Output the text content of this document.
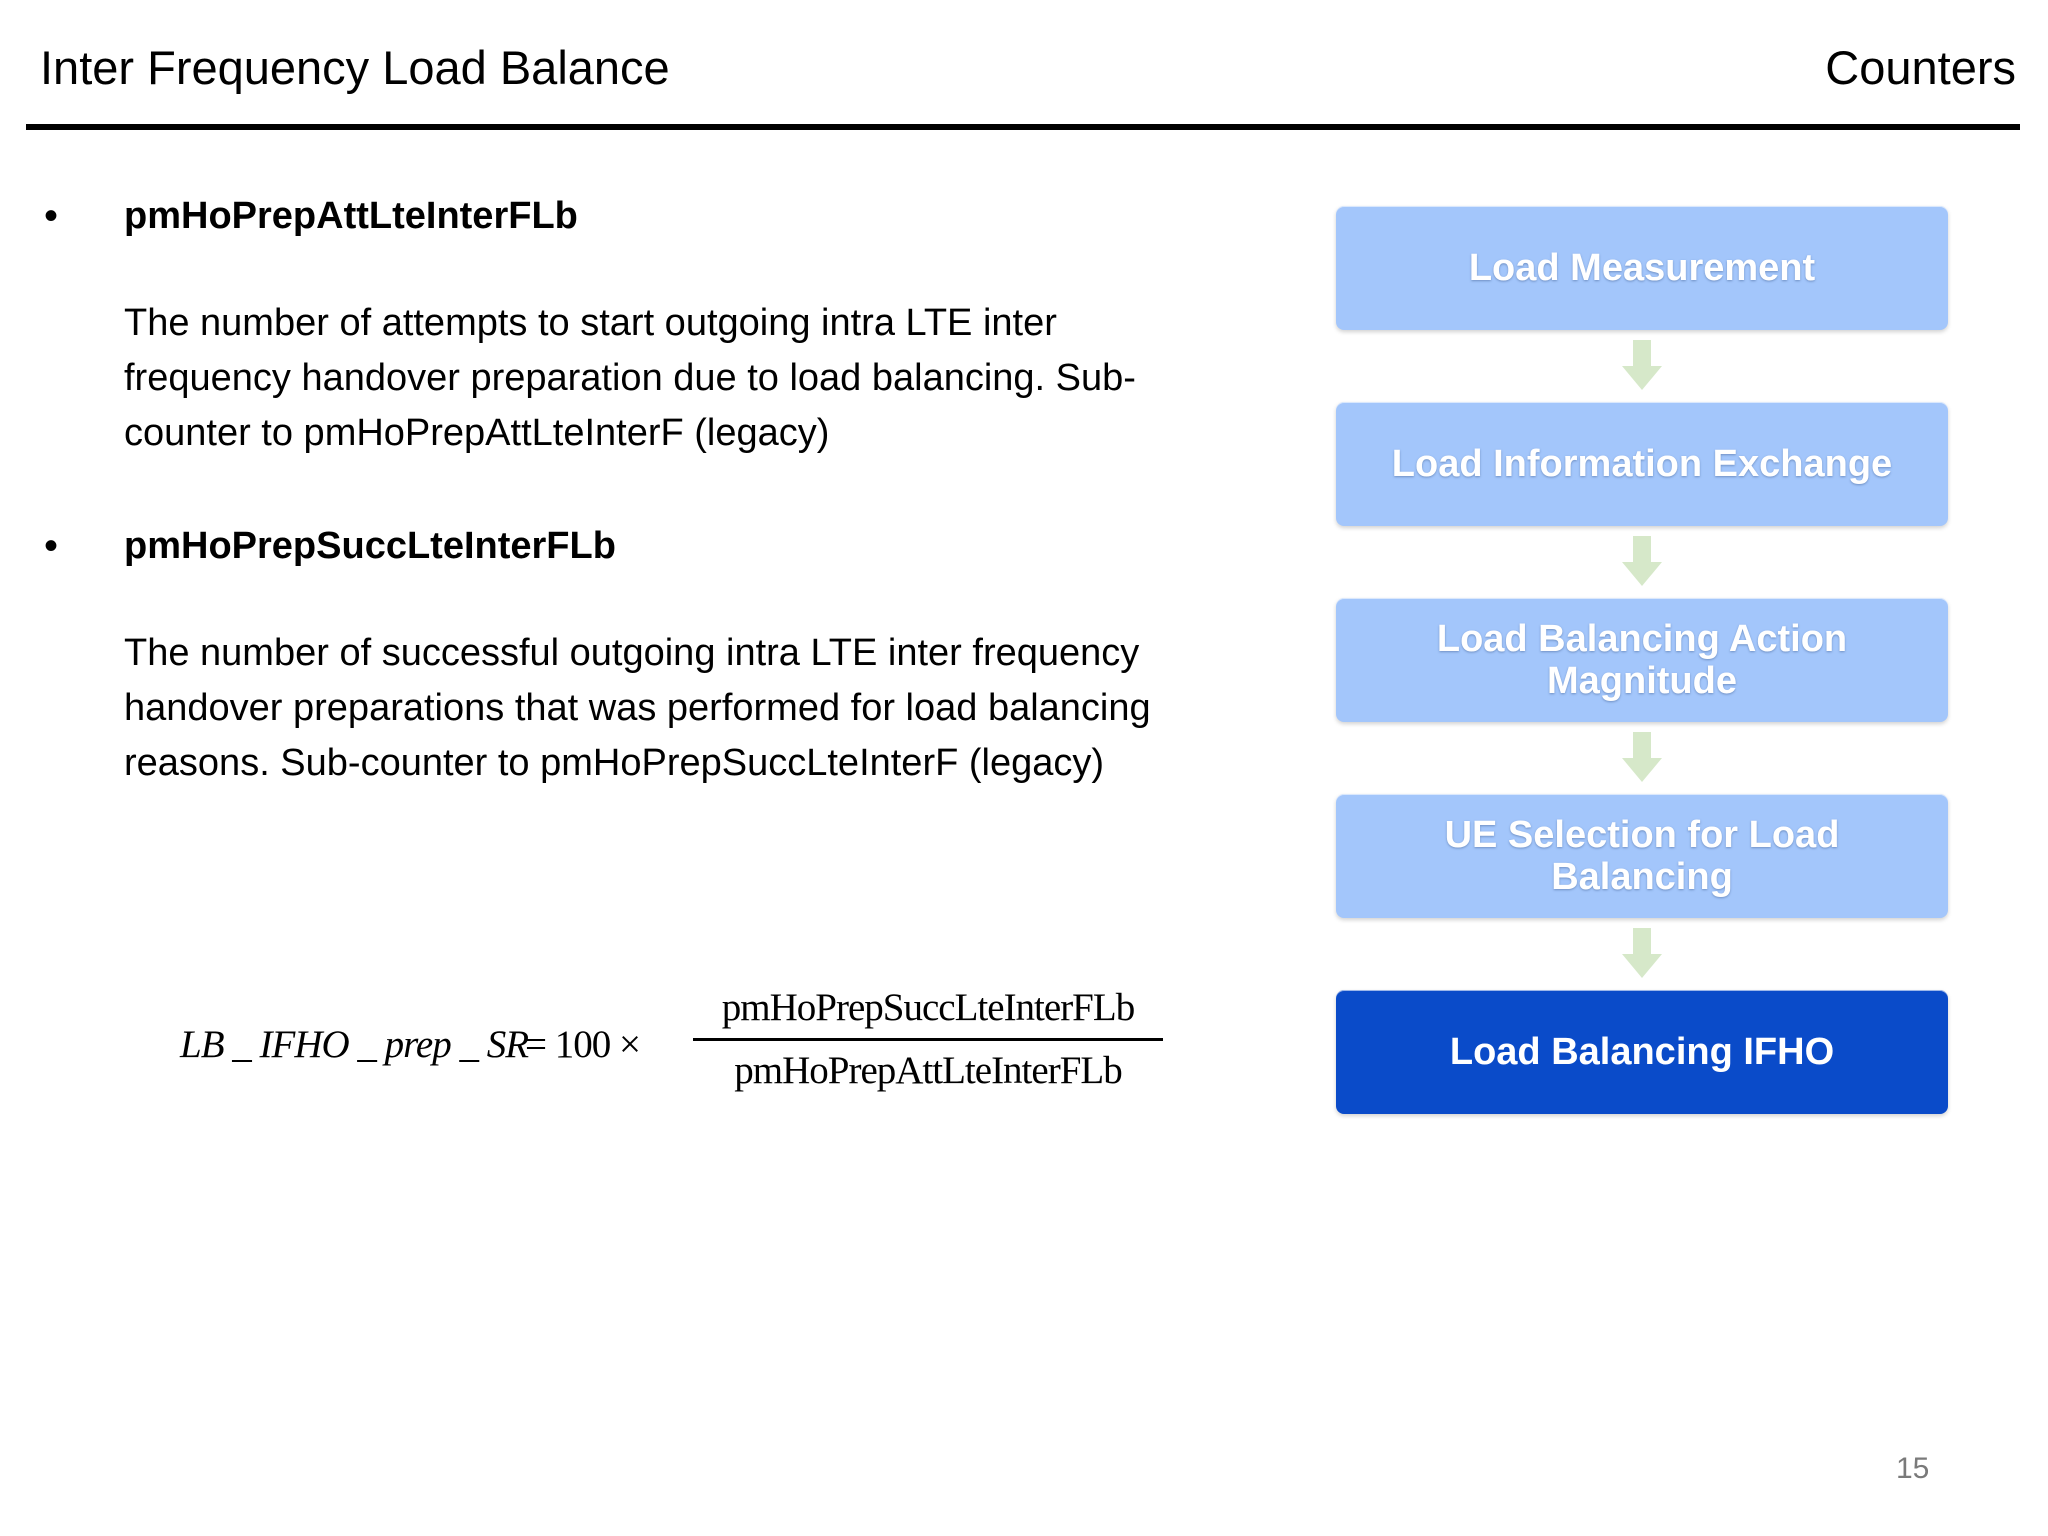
Inter Frequency Load Balance	Counters
• pmHoPrepAttLteInterFLb
The number of attempts to start outgoing intra LTE inter frequency handover preparation due to load balancing. Sub-counter to pmHoPrepAttLteInterF (legacy)
• pmHoPrepSuccLteInterFLb
The number of successful outgoing intra LTE inter frequency handover preparations that was performed for load balancing reasons. Sub-counter to pmHoPrepSuccLteInterF (legacy)
LB _ IFHO _ prep _ SR
= 100 ×
pmHoPrepSuccLteInterFLb
pmHoPrepAttLteInterFLb
Load Measurement
Load Information Exchange
Load Balancing Action Magnitude
UE Selection for Load Balancing
Load Balancing IFHO
15
